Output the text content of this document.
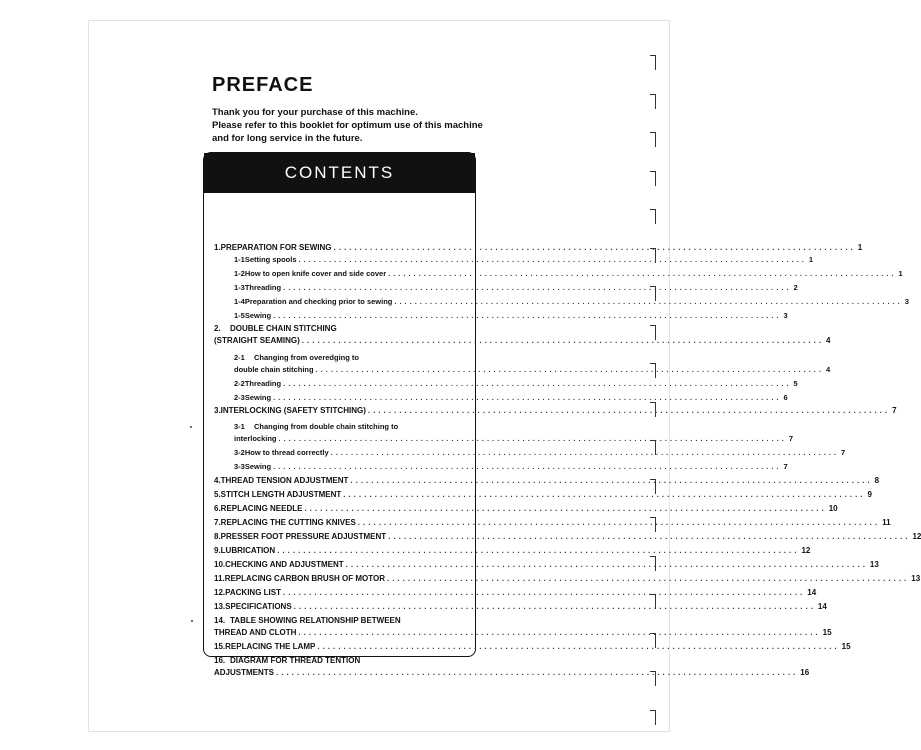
PREFACE
Thank you for your purchase of this machine.
Please refer to this booklet for optimum use of this machine
and for long service in the future.
CONTENTS
1. PREPARATION FOR SEWING .....	1
1-1 Setting spools .....	1
1-2 How to open knife cover and side cover .....	1
1-3 Threading .....	2
1-4 Preparation and checking prior to sewing .....	3
1-5 Sewing .....	3
2.	DOUBLE CHAIN STITCHING
(STRAIGHT SEAMING) .....	4
2-1	Changing from overedging to
double chain stitching .....	4
2-2 Threading .....	5
2-3 Sewing .....	6
3. INTERLOCKING (SAFETY STITCHING) .....	7
3-1	Changing from double chain stitching to
interlocking .....	7
3-2 How to thread correctly .....	7
3-3 Sewing .....	7
4. THREAD TENSION ADJUSTMENT .....	8
5. STITCH LENGTH ADJUSTMENT .....	9
6. REPLACING NEEDLE .....	10
7. REPLACING THE CUTTING KNIVES .....	11
8. PRESSER FOOT PRESSURE ADJUSTMENT .....	12
9. LUBRICATION .....	12
10. CHECKING AND ADJUSTMENT .....	13
11. REPLACING CARBON BRUSH OF MOTOR .....	13
12. PACKING LIST .....	14
13. SPECIFICATIONS .....	14
14. TABLE SHOWING RELATIONSHIP BETWEEN
THREAD AND CLOTH .....	15
15. REPLACING THE LAMP .....	15
16. DIAGRAM FOR THREAD TENTION
ADJUSTMENTS .....	16
